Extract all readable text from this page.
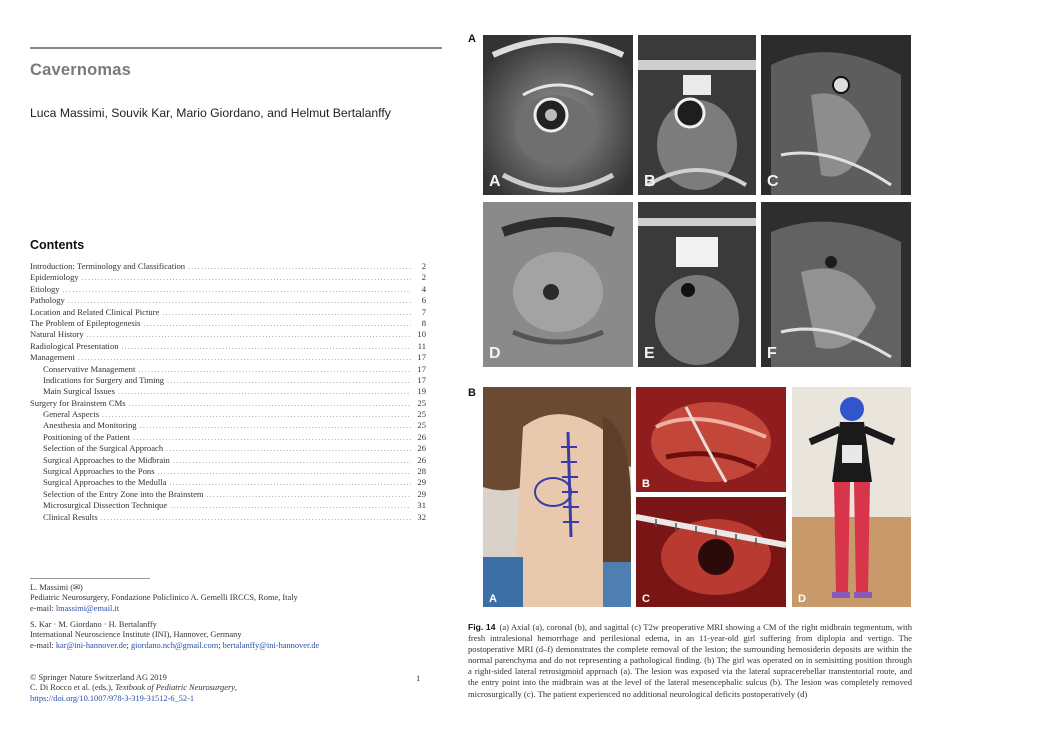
Cavernomas
Luca Massimi, Souvik Kar, Mario Giordano, and Helmut Bertalanffy
Contents
Introduction: Terminology and Classification .....	2
Epidemiology .....	2
Etiology .....	4
Pathology .....	6
Location and Related Clinical Picture .....	7
The Problem of Epileptogenesis .....	8
Natural History .....	10
Radiological Presentation .....	11
Management .....	17
Conservative Management .....	17
Indications for Surgery and Timing .....	17
Main Surgical Issues .....	19
Surgery for Brainstem CMs .....	25
General Aspects .....	25
Anesthesia and Monitoring .....	25
Positioning of the Patient .....	26
Selection of the Surgical Approach .....	26
Surgical Approaches to the Midbrain .....	26
Surgical Approaches to the Pons .....	28
Surgical Approaches to the Medulla .....	29
Selection of the Entry Zone into the Brainstem .....	29
Microsurgical Dissection Technique .....	31
Clinical Results .....	32
L. Massimi (✉)
Pediatric Neurosurgery, Fondazione Policlinico A. Gemelli IRCCS, Rome, Italy
e-mail: lmassimi@email.it
S. Kar · M. Giordano · H. Bertalanffy
International Neuroscience Institute (INI), Hannover, Germany
e-mail: kar@ini-hannover.de; giordano.nch@gmail.com; bertalanffy@ini-hannover.de
© Springer Nature Switzerland AG 2019
C. Di Rocco et al. (eds.), Textbook of Pediatric Neurosurgery,
https://doi.org/10.1007/978-3-319-31512-6_52-1
1
A
A	B	C
D	E	F
B
A
B
C	D
Fig. 14 (a) Axial (a), coronal (b), and sagittal (c) T2w preoperative MRI showing a CM of the right midbrain tegmentum, with fresh intralesional hemorrhage and perilesional edema, in an 11-year-old girl suffering from diplopia and vertigo. The postoperative MRI (d–f) demonstrates the complete removal of the lesion; the surrounding hemosiderin deposits are within the normal parenchyma and do not representing a pathological finding. (b) The girl was operated on in semisitting position through a right-sided lateral retrosigmoid approach (a). The lesion was exposed via the lateral supracerebellar transtentorial route, and the entry point into the midbrain was at the level of the lateral mesencephalic sulcus (b). The lesion was completely removed microsurgically (c). The patient experienced no additional neurological deficits postoperatively (d)
